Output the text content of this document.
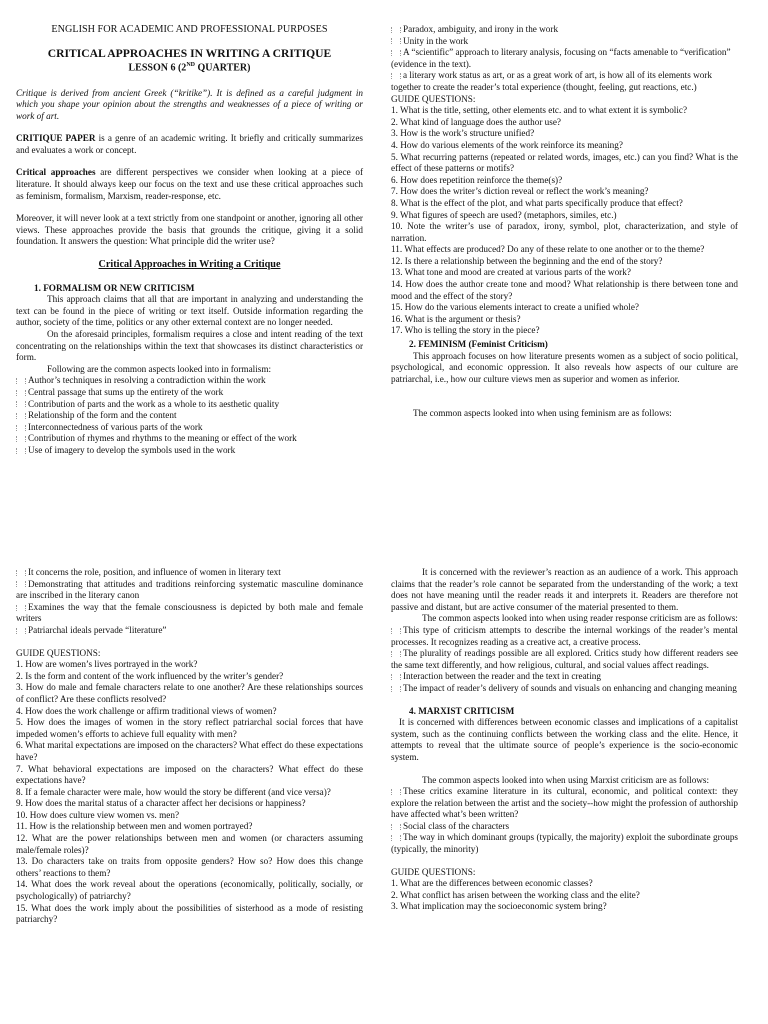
ENGLISH FOR ACADEMIC AND PROFESSIONAL PURPOSES

CRITICAL APPROACHES IN WRITING A CRITIQUE

LESSON 6 (2ND QUARTER)

Critique is derived from ancient Greek (“kritike”). It is defined as a careful judgment in which you shape your opinion about the strengths and weaknesses of a piece of writing or work of art.

CRITIQUE PAPER is a genre of an academic writing. It briefly and critically summarizes and evaluates a work or concept.

Critical approaches are different perspectives we consider when looking at a piece of literature. It should always keep our focus on the text and use these critical approaches such as feminism, formalism, Marxism, reader-response, etc.

Moreover, it will never look at a text strictly from one standpoint or another, ignoring all other views. These approaches provide the basis that grounds the critique, giving it a solid foundation. It answers the question: What principle did the writer use?

Critical Approaches in Writing a Critique

1. FORMALISM OR NEW CRITICISM

This approach claims that all that are important in analyzing and understanding the text can be found in the piece of writing or text itself. Outside information regarding the author, society of the time, politics or any other external context are no longer needed.

On the aforesaid principles, formalism requires a close and intent reading of the text concentrating on the relationships within the text that showcases its distinct characteristics or form.

Following are the common aspects looked into in formalism:

Author’s techniques in resolving a contradiction within the work

Central passage that sums up the entirety of the work

Contribution of parts and the work as a whole to its aesthetic quality

Relationship of the form and the content

Interconnectedness of various parts of the work

Contribution of rhymes and rhythms to the meaning or effect of the work

Use of imagery to develop the symbols used in the work

Paradox, ambiguity, and irony in the work

Unity in the work

A “scientific” approach to literary analysis, focusing on “facts amenable to “verification” (evidence in the text).

a literary work status as art, or as a great work of art, is how all of its elements work together to create the reader’s total experience (thought, feeling, gut reactions, etc.)

GUIDE QUESTIONS:

1. What is the title, setting, other elements etc. and to what extent it is symbolic?

2. What kind of language does the author use?

3. How is the work’s structure unified?

4. How do various elements of the work reinforce its meaning?

5. What recurring patterns (repeated or related words, images, etc.) can you find? What is the effect of these patterns or motifs?

6. How does repetition reinforce the theme(s)?

7. How does the writer’s diction reveal or reflect the work’s meaning?

8. What is the effect of the plot, and what parts specifically produce that effect?

9. What figures of speech are used? (metaphors, similes, etc.)

10. Note the writer’s use of paradox, irony, symbol, plot, characterization, and style of narration.

11. What effects are produced? Do any of these relate to one another or to the theme?

12. Is there a relationship between the beginning and the end of the story?

13. What tone and mood are created at various parts of the work?

14. How does the author create tone and mood? What relationship is there between tone and mood and the effect of the story?

15. How do the various elements interact to create a unified whole?

16. What is the argument or thesis?

17. Who is telling the story in the piece?

2. FEMINISM (Feminist Criticism)

This approach focuses on how literature presents women as a subject of socio political, psychological, and economic oppression. It also reveals how aspects of our culture are patriarchal, i.e., how our culture views men as superior and women as inferior.

The common aspects looked into when using feminism are as follows:

It concerns the role, position, and influence of women in literary text

Demonstrating that attitudes and traditions reinforcing systematic masculine dominance are inscribed in the literary canon

Examines the way that the female consciousness is depicted by both male and female writers

Patriarchal ideals pervade “literature”

GUIDE QUESTIONS:

1. How are women’s lives portrayed in the work?

2. Is the form and content of the work influenced by the writer’s gender?

3. How do male and female characters relate to one another? Are these relationships sources of conflict? Are these conflicts resolved?

4. How does the work challenge or affirm traditional views of women?

5. How does the images of women in the story reflect patriarchal social forces that have impeded women’s efforts to achieve full equality with men?

6. What marital expectations are imposed on the characters? What effect do these expectations have?

7. What behavioral expectations are imposed on the characters? What effect do these expectations have?

8. If a female character were male, how would the story be different (and vice versa)?

9. How does the marital status of a character affect her decisions or happiness?

10. How does culture view women vs. men?

11. How is the relationship between men and women portrayed?

12. What are the power relationships between men and women (or characters assuming male/female roles)?

13. Do characters take on traits from opposite genders? How so? How does this change others’ reactions to them?

14. What does the work reveal about the operations (economically, politically, socially, or psychologically) of patriarchy?

15. What does the work imply about the possibilities of sisterhood as a mode of resisting patriarchy?

It is concerned with the reviewer’s reaction as an audience of a work. This approach claims that the reader’s role cannot be separated from the understanding of the work; a text does not have meaning until the reader reads it and interprets it. Readers are therefore not passive and distant, but are active consumer of the material presented to them.

The common aspects looked into when using reader response criticism are as follows:

This type of criticism attempts to describe the internal workings of the reader’s mental processes. It recognizes reading as a creative act, a creative process.

The plurality of readings possible are all explored. Critics study how different readers see the same text differently, and how religious, cultural, and social values affect readings.

Interaction between the reader and the text in creating

The impact of reader’s delivery of sounds and visuals on enhancing and changing meaning

4. MARXIST CRITICISM

It is concerned with differences between economic classes and implications of a capitalist system, such as the continuing conflicts between the working class and the elite. Hence, it attempts to reveal that the ultimate source of people’s experience is the socio-economic system.

The common aspects looked into when using Marxist criticism are as follows:

These critics examine literature in its cultural, economic, and political context: they explore the relation between the artist and the society--how might the profession of authorship have affected what’s been written?

Social class of the characters

The way in which dominant groups (typically, the majority) exploit the subordinate groups (typically, the minority)

GUIDE QUESTIONS:

1. What are the differences between economic classes?

2. What conflict has arisen between the working class and the elite?

3. What implication may the socioeconomic system bring?
